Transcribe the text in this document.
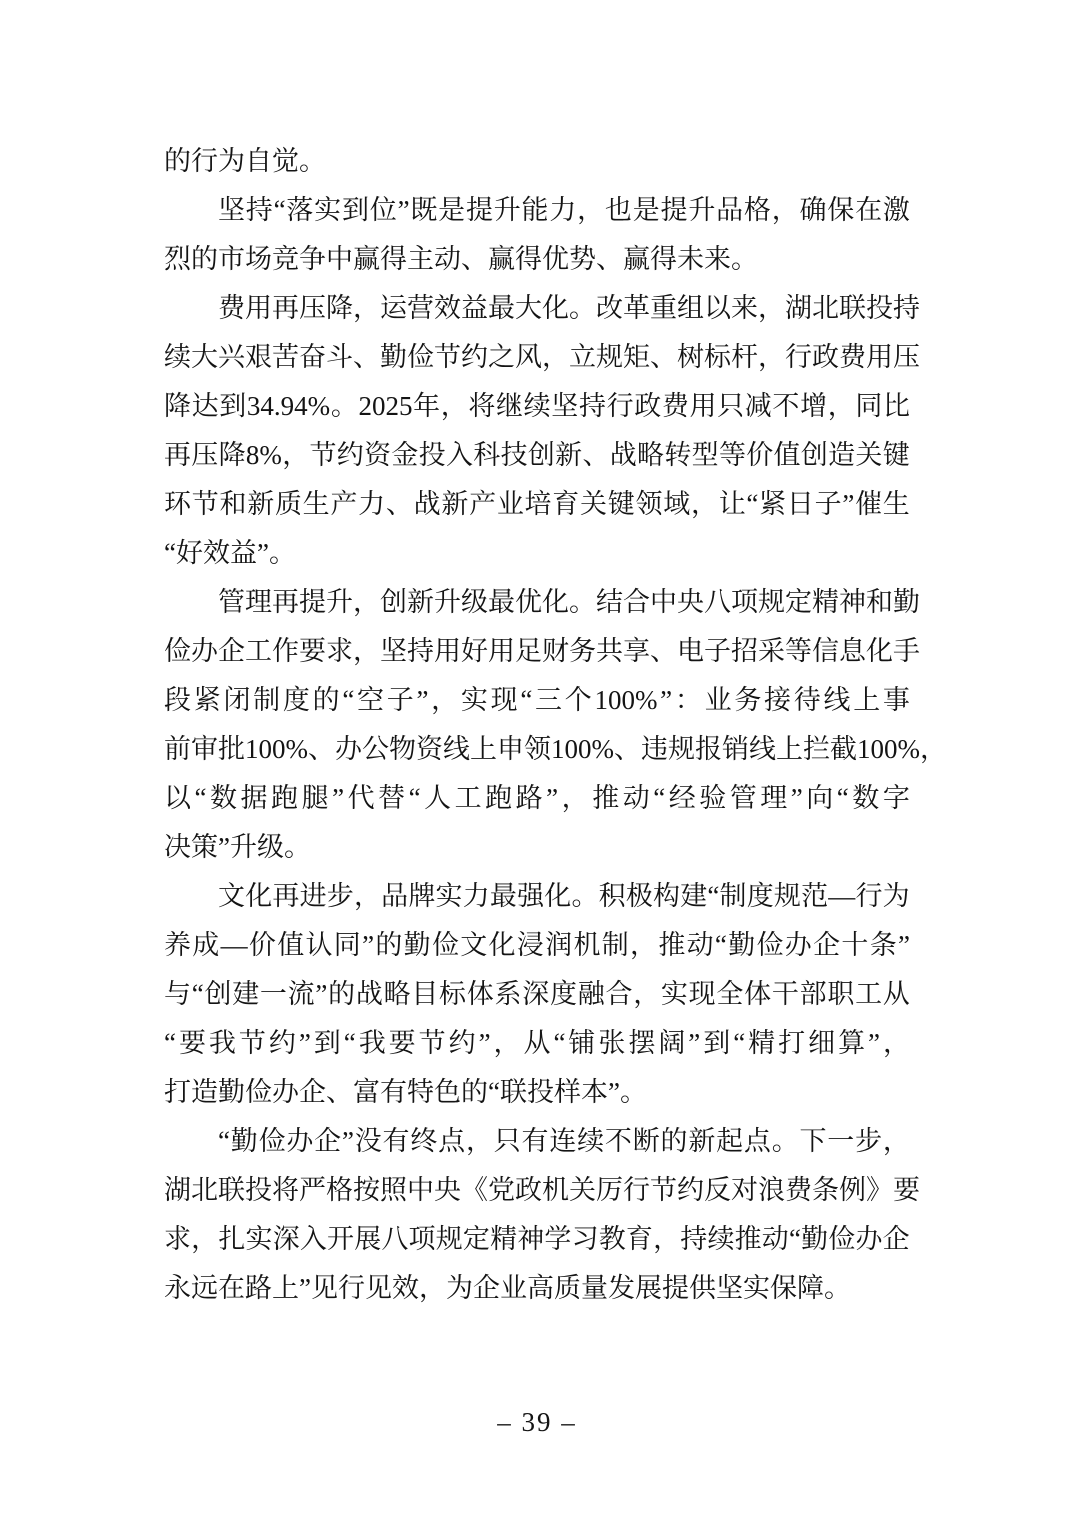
的行为自觉。
坚 持 “ 落 实 到 位 ” 既 是 提 升 能 力 ， 也 是 提 升 品 格 ， 确 保 在 激
烈的市场竞争中赢得主动、赢得优势、赢得未来。
费 用 再 压 降 ， 运 营 效 益 最 大 化 。 改 革 重 组 以 来 ， 湖 北 联 投 持
续 大 兴 艰 苦 奋 斗 、 勤 俭 节 约 之 风 ， 立 规 矩 、 树 标 杆 ， 行 政 费 用 压
降 达 到 34.94% 。 2025 年 ， 将 继 续 坚 持 行 政 费 用 只 减 不 增 ， 同 比
再 压 降 8% ， 节 约 资 金 投 入 科 技 创 新 、 战 略 转 型 等 价 值 创 造 关 键
环 节 和 新 质 生 产 力 、 战 新 产 业 培 育 关 键 领 域 ， 让 “ 紧 日 子 ” 催 生
“好效益”。
管 理 再 提 升 ， 创 新 升 级 最 优 化 。 结 合 中 央 八 项 规 定 精 神 和 勤
俭 办 企 工 作 要 求 ， 坚 持 用 好 用 足 财 务 共 享 、 电 子 招 采 等 信 息 化 手
段 紧 闭 制 度 的 “ 空 子 ” ， 实 现 “ 三 个 100% ” ： 业 务 接 待 线 上 事
前 审 批 100% 、 办 公 物 资 线 上 申 领 100% 、 违 规 报 销 线 上 拦 截 100% ，
以 “ 数 据 跑 腿 ” 代 替 “ 人 工 跑 路 ” ， 推 动 “ 经 验 管 理 ” 向 “ 数 字
决策”升级。
文 化 再 进 步 ， 品 牌 实 力 最 强 化 。 积 极 构 建 “ 制 度 规 范 — 行 为
养 成 — 价 值 认 同 ” 的 勤 俭 文 化 浸 润 机 制 ， 推 动 “ 勤 俭 办 企 十 条 ”
与 “ 创 建 一 流 ” 的 战 略 目 标 体 系 深 度 融 合 ， 实 现 全 体 干 部 职 工 从
“ 要 我 节 约 ” 到 “ 我 要 节 约 ” ， 从 “ 铺 张 摆 阔 ” 到 “ 精 打 细 算 ” ，
打造勤俭办企、富有特色的“联投样本”。
“ 勤 俭 办 企 ” 没 有 终 点 ， 只 有 连 续 不 断 的 新 起 点 。 下 一 步 ，
湖 北 联 投 将 严 格 按 照 中 央 《 党 政 机 关 厉 行 节 约 反 对 浪 费 条 例 》 要
求 ， 扎 实 深 入 开 展 八 项 规 定 精 神 学 习 教 育 ， 持 续 推 动 “ 勤 俭 办 企
永远在路上”见行见效，为企业高质量发展提供坚实保障。
– 39 –
